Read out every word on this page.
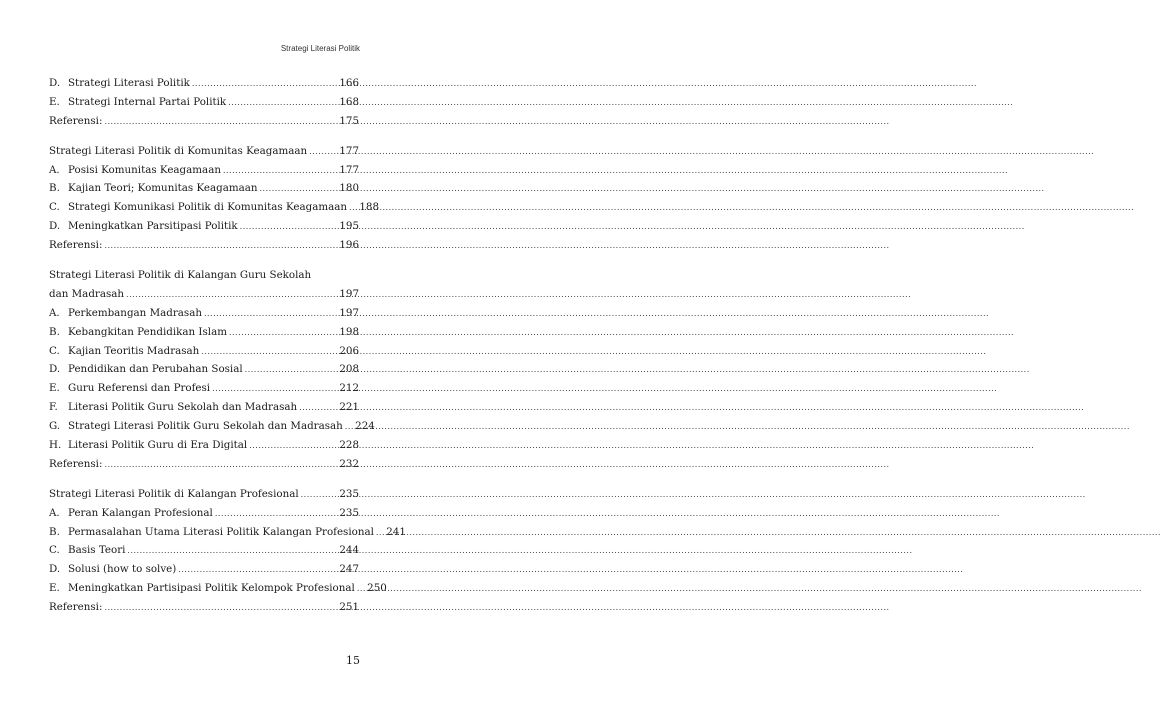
Strategi Literasi Politik
D. Strategi Literasi Politik .....	166
E. Strategi Internal Partai Politik .....	168
Referensi: .....	175
Strategi Literasi Politik di Komunitas Keagamaan .....	177
A. Posisi Komunitas Keagamaan .....	177
B. Kajian Teori; Komunitas Keagamaan .....	180
C. Strategi Komunikasi Politik di Komunitas Keagamaan ..... 188
D. Meningkatkan Parsitipasi Politik .....	195
Referensi: .....	196
Strategi Literasi Politik di Kalangan Guru Sekolah
dan Madrasah .....	197
A. Perkembangan Madrasah .....	197
B. Kebangkitan Pendidikan Islam .....	198
C. Kajian Teoritis Madrasah .....	206
D. Pendidikan dan Perubahan Sosial .....	208
E. Guru Referensi dan Profesi .....	212
F. Literasi Politik Guru Sekolah dan Madrasah .....	221
G. Strategi Literasi Politik Guru Sekolah dan Madrasah ..... 224
H. Literasi Politik Guru di Era Digital .....	228
Referensi: .....	232
Strategi Literasi Politik di Kalangan Profesional .....	235
A. Peran Kalangan Profesional .....	235
B. Permasalahan Utama Literasi Politik Kalangan Profesional ..... 241
C. Basis Teori .....	244
D. Solusi (how to solve) .....	247
E. Meningkatkan Partisipasi Politik Kelompok Profesional ..... 250
Referensi: .....	251
15
